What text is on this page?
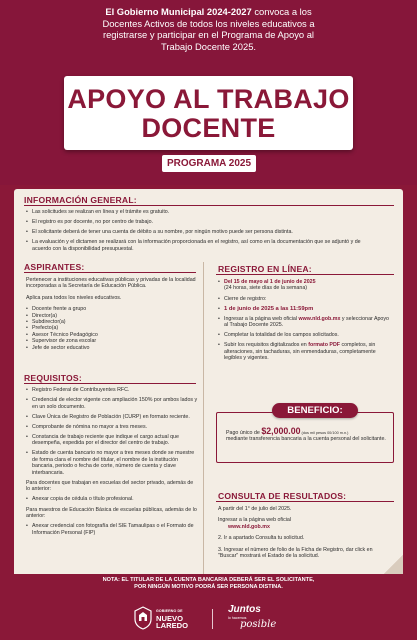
El Gobierno Municipal 2024-2027 convoca a los
Docentes Activos de todos los niveles educativos a
registrarse y participar en el Programa de Apoyo al
Trabajo Docente 2025.
APOYO AL TRABAJO
DOCENTE
◆◆◆
PROGRAMA 2025
INFORMACIÓN GENERAL:
• Las solicitudes se realizan en línea y el trámite es gratuito.
• El registro es por docente, no por centro de trabajo.
• El solicitante deberá de tener una cuenta de débito a su nombre, por ningún motivo puede ser persona distinta.
• La evaluación y el dictamen se realizará con la información proporcionada en el registro, así como en la documentación que se adjuntó y de acuerdo con la disponibilidad presupuestal.
ASPIRANTES:
Pertenecer a instituciones educativas públicas y privadas de la localidad incorporadas a la Secretaría de Educación Pública.
Aplica para todos los niveles educativos.
• Docente frente a grupo
• Director(a)
• Subdirector(a)
• Prefecto(a)
• Asesor Técnico Pedagógico
• Supervisor de zona escolar
• Jefe de sector educativo
REQUISITOS:
• Registro Federal de Contribuyentes RFC.
• Credencial de elector vigente con ampliación 150% por ambos lados y en un solo documento.
• Clave Única de Registro de Población (CURP) en formato reciente.
• Comprobante de nómina no mayor a tres meses.
• Constancia de trabajo reciente que indique el cargo actual que desempeña, expedida por el director del centro de trabajo.
• Estado de cuenta bancario no mayor a tres meses donde se muestre de forma clara el nombre del titular, el nombre de la institución bancaria, periodo o fecha de corte, número de cuenta y clave interbancaria.
Para docentes que trabajan en escuelas del sector privado, además de lo anterior:
• Anexar copia de cédula o título profesional.
Para maestros de Educación Básica de escuelas públicas, además de lo anterior:
• Anexar credencial con fotografía del SIE Tamaulipas o el Formato de Información Personal (FIP)
REGISTRO EN LÍNEA:
• Del 15 de mayo al 1 de junio de 2025
(24 horas, siete días de la semana)
• Cierre de registro:
• 1 de junio de 2025 a las 11:59pm
• Ingresar a la página web oficial www.nld.gob.mx y seleccionar Apoyo al Trabajo Docente 2025.
• Completar la totalidad de los campos solicitados.
• Subir los requisitos digitalizados en formato PDF completos, sin alteraciones, sin tachaduras, sin enmendaduras, completamente legibles y vigentes.
BENEFICIO:
Pago único de $2,000.00 (dos mil pesos 00/100 m.n.)
mediante transferencia bancaria a la cuenta personal del solicitante.
CONSULTA DE RESULTADOS:
A partir del 1° de julio del 2025.
Ingresar a la página web oficial
www.nld.gob.mx
2. Ir a apartado Consulta tu solicitud.
3. Ingresar el número de folio de la Ficha de Registro, dar click en "Buscar" mostrará el Estado de la solicitud.
NOTA: EL TITULAR DE LA CUENTA BANCARIA DEBERÁ SER EL SOLICITANTE,
POR NINGÚN MOTIVO PODRÁ SER PERSONA DISTINA.
GOBIERNO DE
NUEVO
LAREDO
Juntos
lo hacemos
posible
